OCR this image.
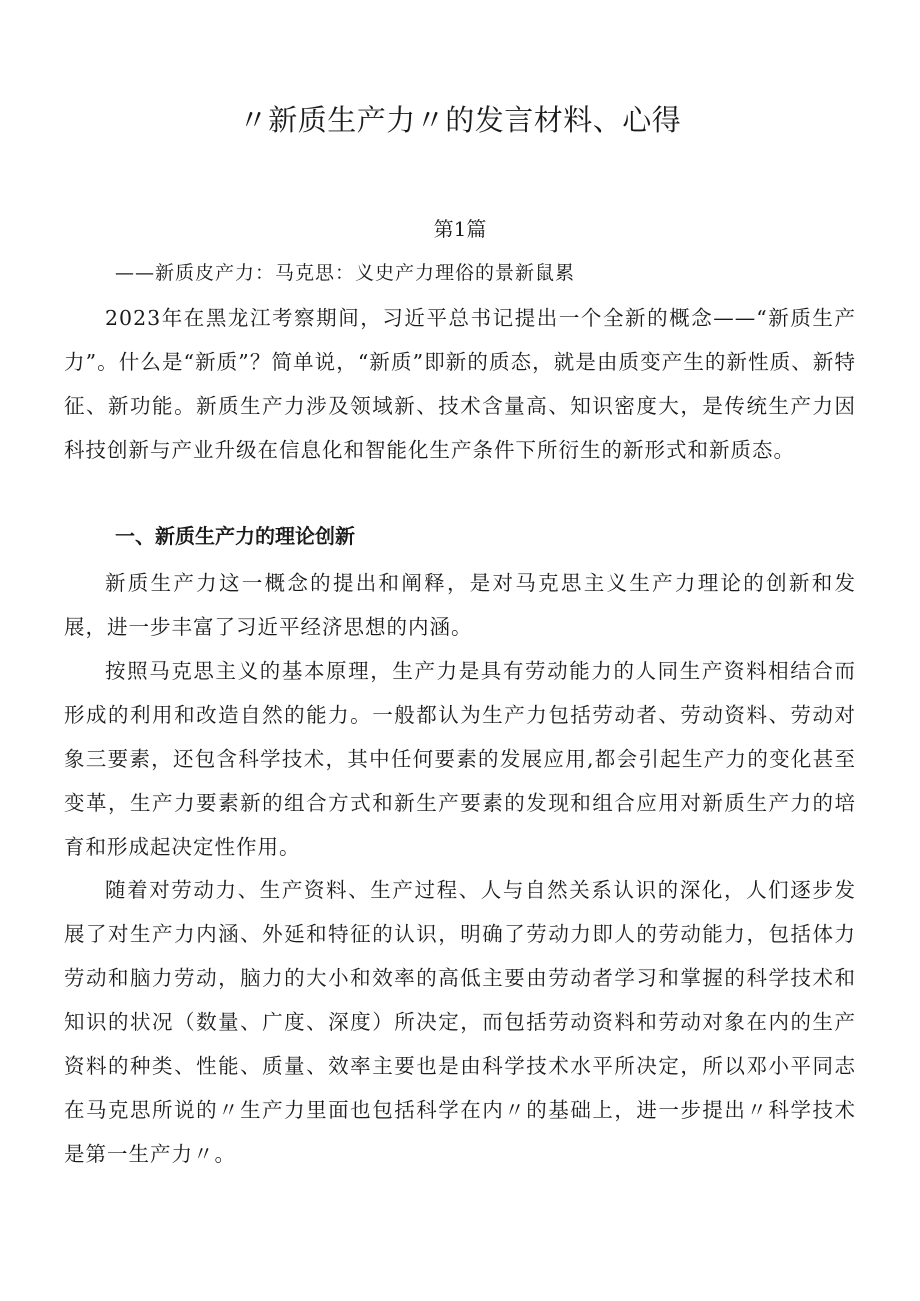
〃新质生产力〃的发言材料、心得
第1篇
——新质皮产力：马克思：义史产力理俗的景新鼠累

2023年在黑龙江考察期间，习近平总书记提出一个全新的概念——“新质生产力”。什么是“新质”？简单说，“新质”即新的质态，就是由质变产生的新性质、新特征、新功能。新质生产力涉及领域新、技术含量高、知识密度大，是传统生产力因科技创新与产业升级在信息化和智能化生产条件下所衍生的新形式和新质态。

一、新质生产力的理论创新

新质生产力这一概念的提出和阐释，是对马克思主义生产力理论的创新和发展，进一步丰富了习近平经济思想的内涵。

按照马克思主义的基本原理，生产力是具有劳动能力的人同生产资料相结合而形成的利用和改造自然的能力。一般都认为生产力包括劳动者、劳动资料、劳动对象三要素，还包含科学技术，其中任何要素的发展应用,都会引起生产力的变化甚至变革，生产力要素新的组合方式和新生产要素的发现和组合应用对新质生产力的培育和形成起决定性作用。

随着对劳动力、生产资料、生产过程、人与自然关系认识的深化，人们逐步发展了对生产力内涵、外延和特征的认识，明确了劳动力即人的劳动能力，包括体力劳动和脑力劳动，脑力的大小和效率的高低主要由劳动者学习和掌握的科学技术和知识的状况（数量、广度、深度）所决定，而包括劳动资料和劳动对象在内的生产资料的种类、性能、质量、效率主要也是由科学技术水平所决定，所以邓小平同志在马克思所说的〃生产力里面也包括科学在内〃的基础上，进一步提出〃科学技术是第一生产力〃。
